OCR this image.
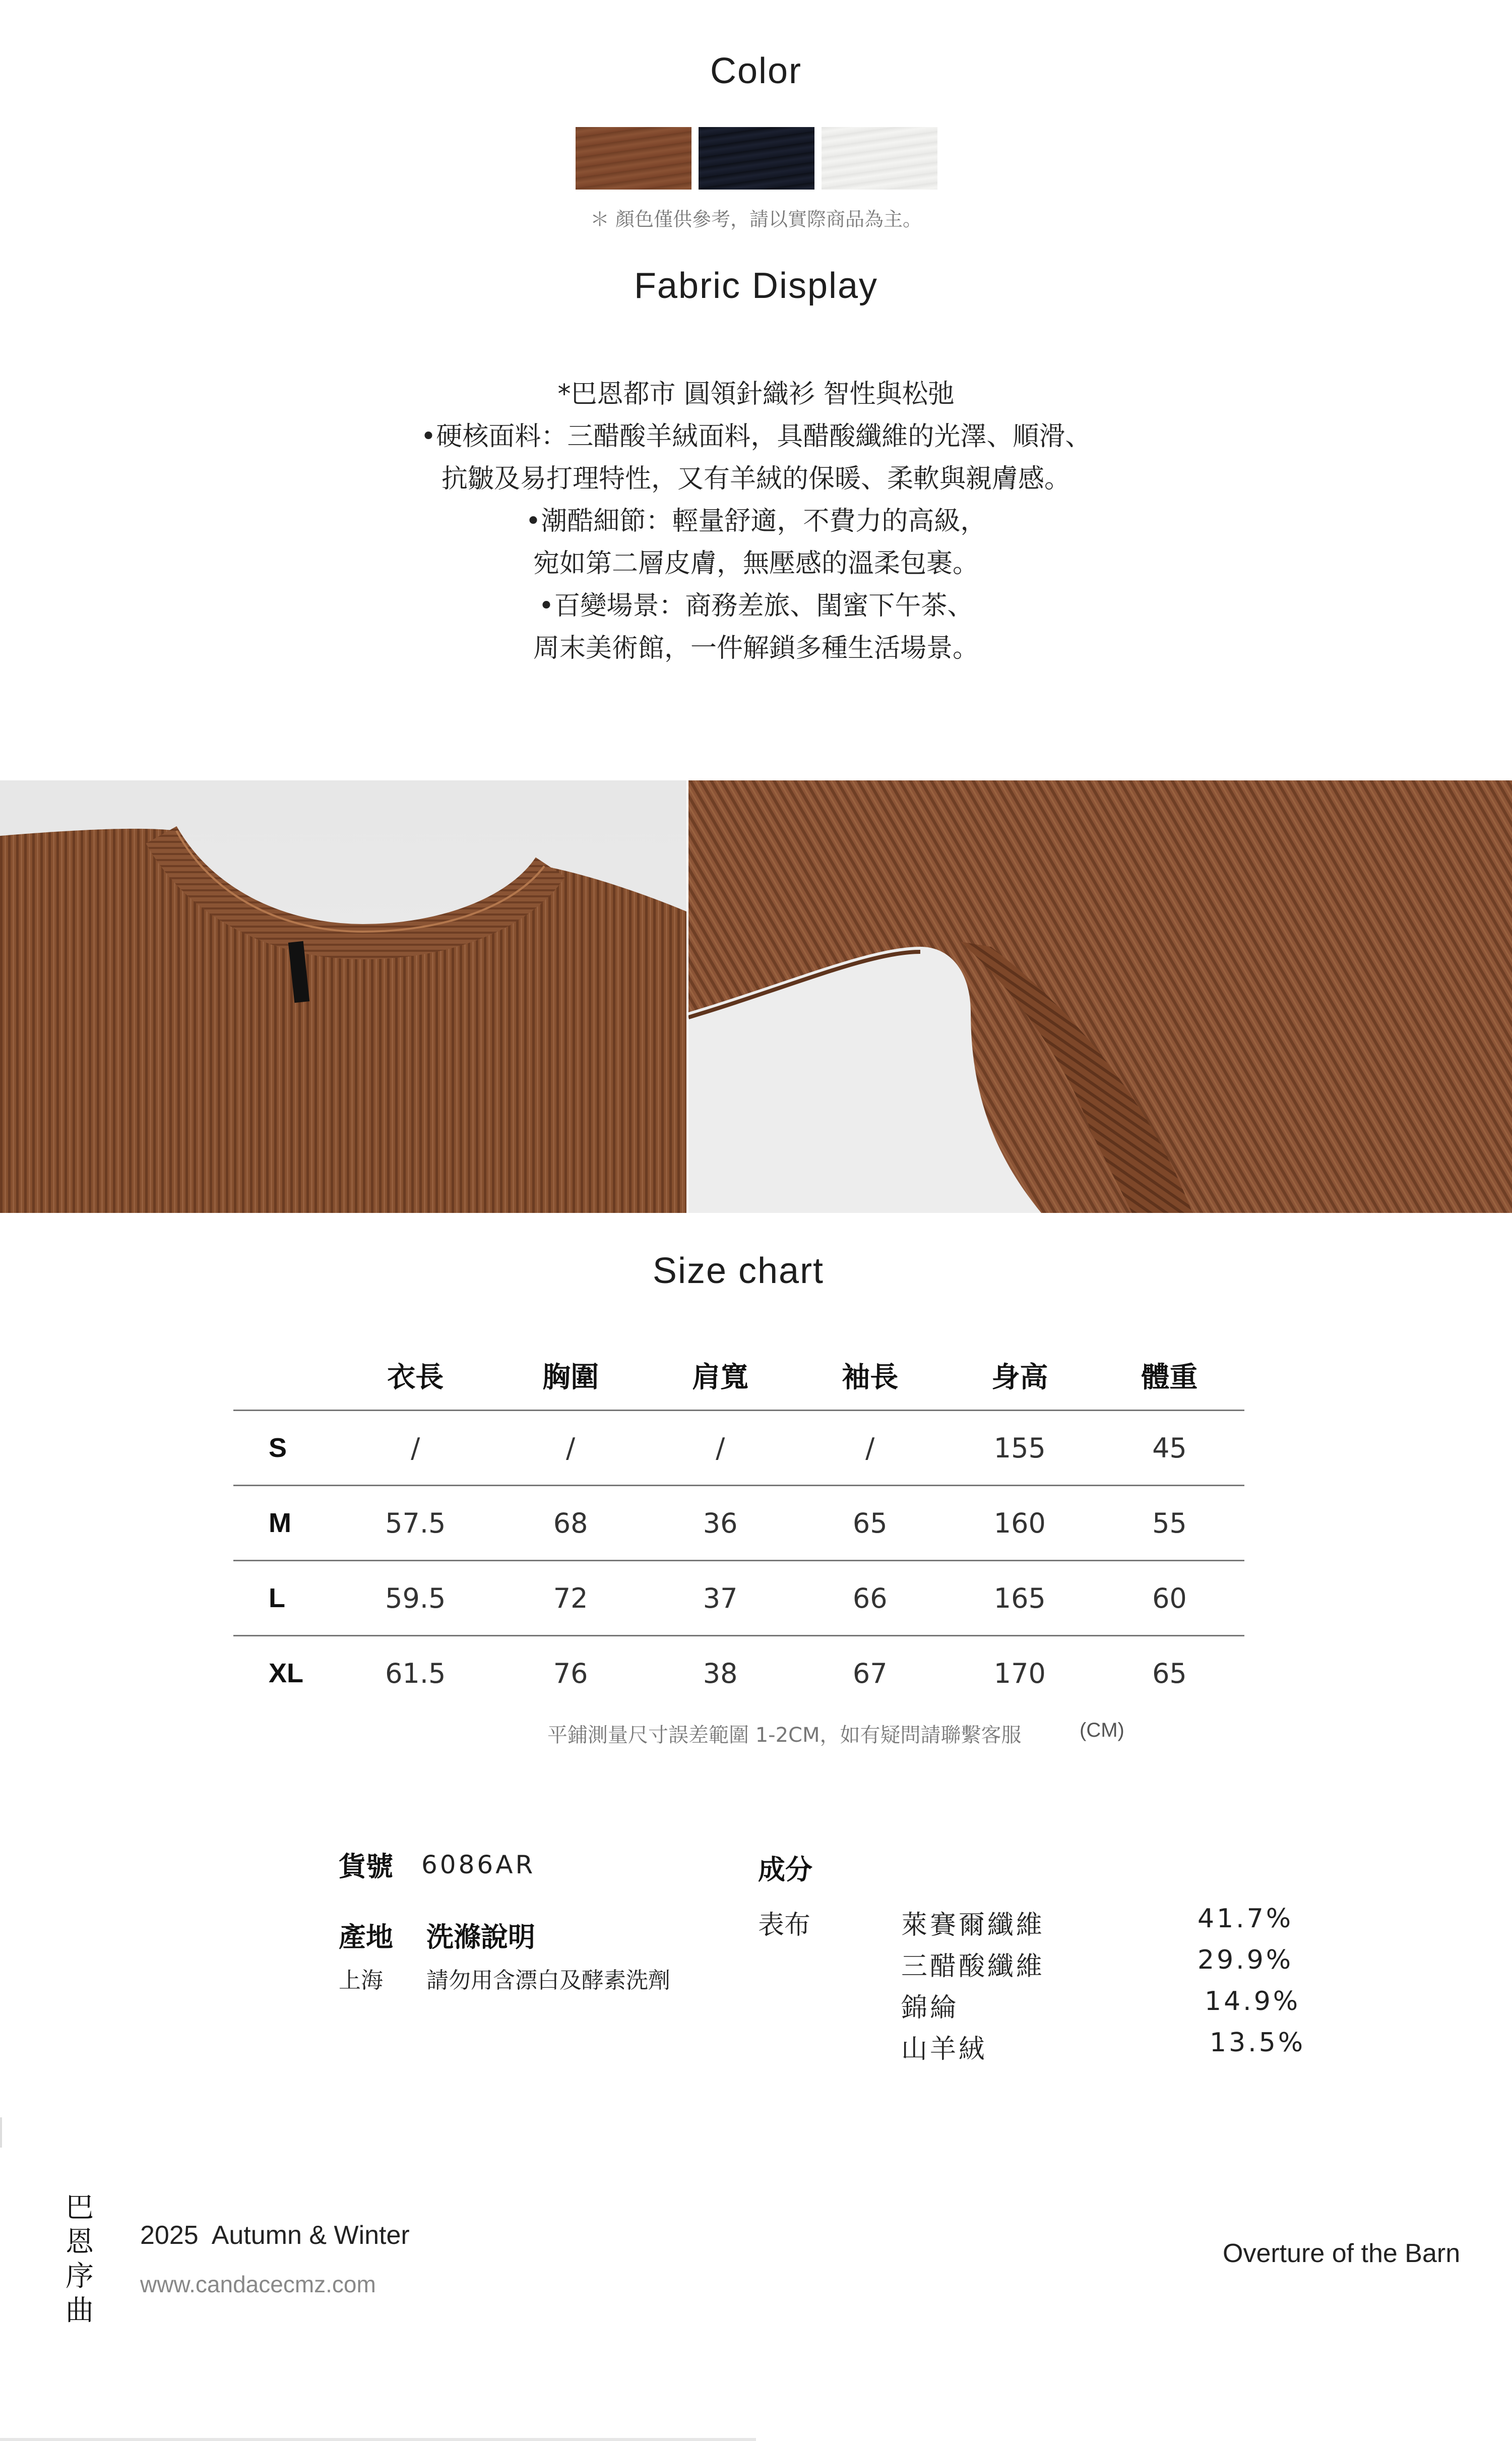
Color
＊ 顏色僅供參考，請以實際商品為主。
Fabric Display
*巴恩都市 圓領針織衫 智性與松弛
•硬核面料：三醋酸羊絨面料，具醋酸纖維的光澤、順滑、
抗皺及易打理特性，又有羊絨的保暖、柔軟與親膚感。
•潮酷細節：輕量舒適，不費力的高級，
宛如第二層皮膚，無壓感的溫柔包裹。
•百變場景：商務差旅、閨蜜下午茶、
周末美術館，一件解鎖多種生活場景。
Size chart
	衣長	胸圍	肩寬	袖長	身高	體重
S	/	/	/	/	155	45
M	57.5	68	36	65	160	55
L	59.5	72	37	66	165	60
XL	61.5	76	38	67	170	65
平鋪測量尺寸誤差範圍 1-2CM，如有疑問請聯繫客服	(CM)
貨號 6086AR
產地
上海
洗滌說明
請勿用含漂白及酵素洗劑
成分
表布	萊賽爾纖維	41.7%
三醋酸纖維	29.9%
錦綸	14.9%
山羊絨	13.5%
巴
恩
序
曲
2025  Autumn & Winter
www.candacecmz.com
Overture of the Barn
